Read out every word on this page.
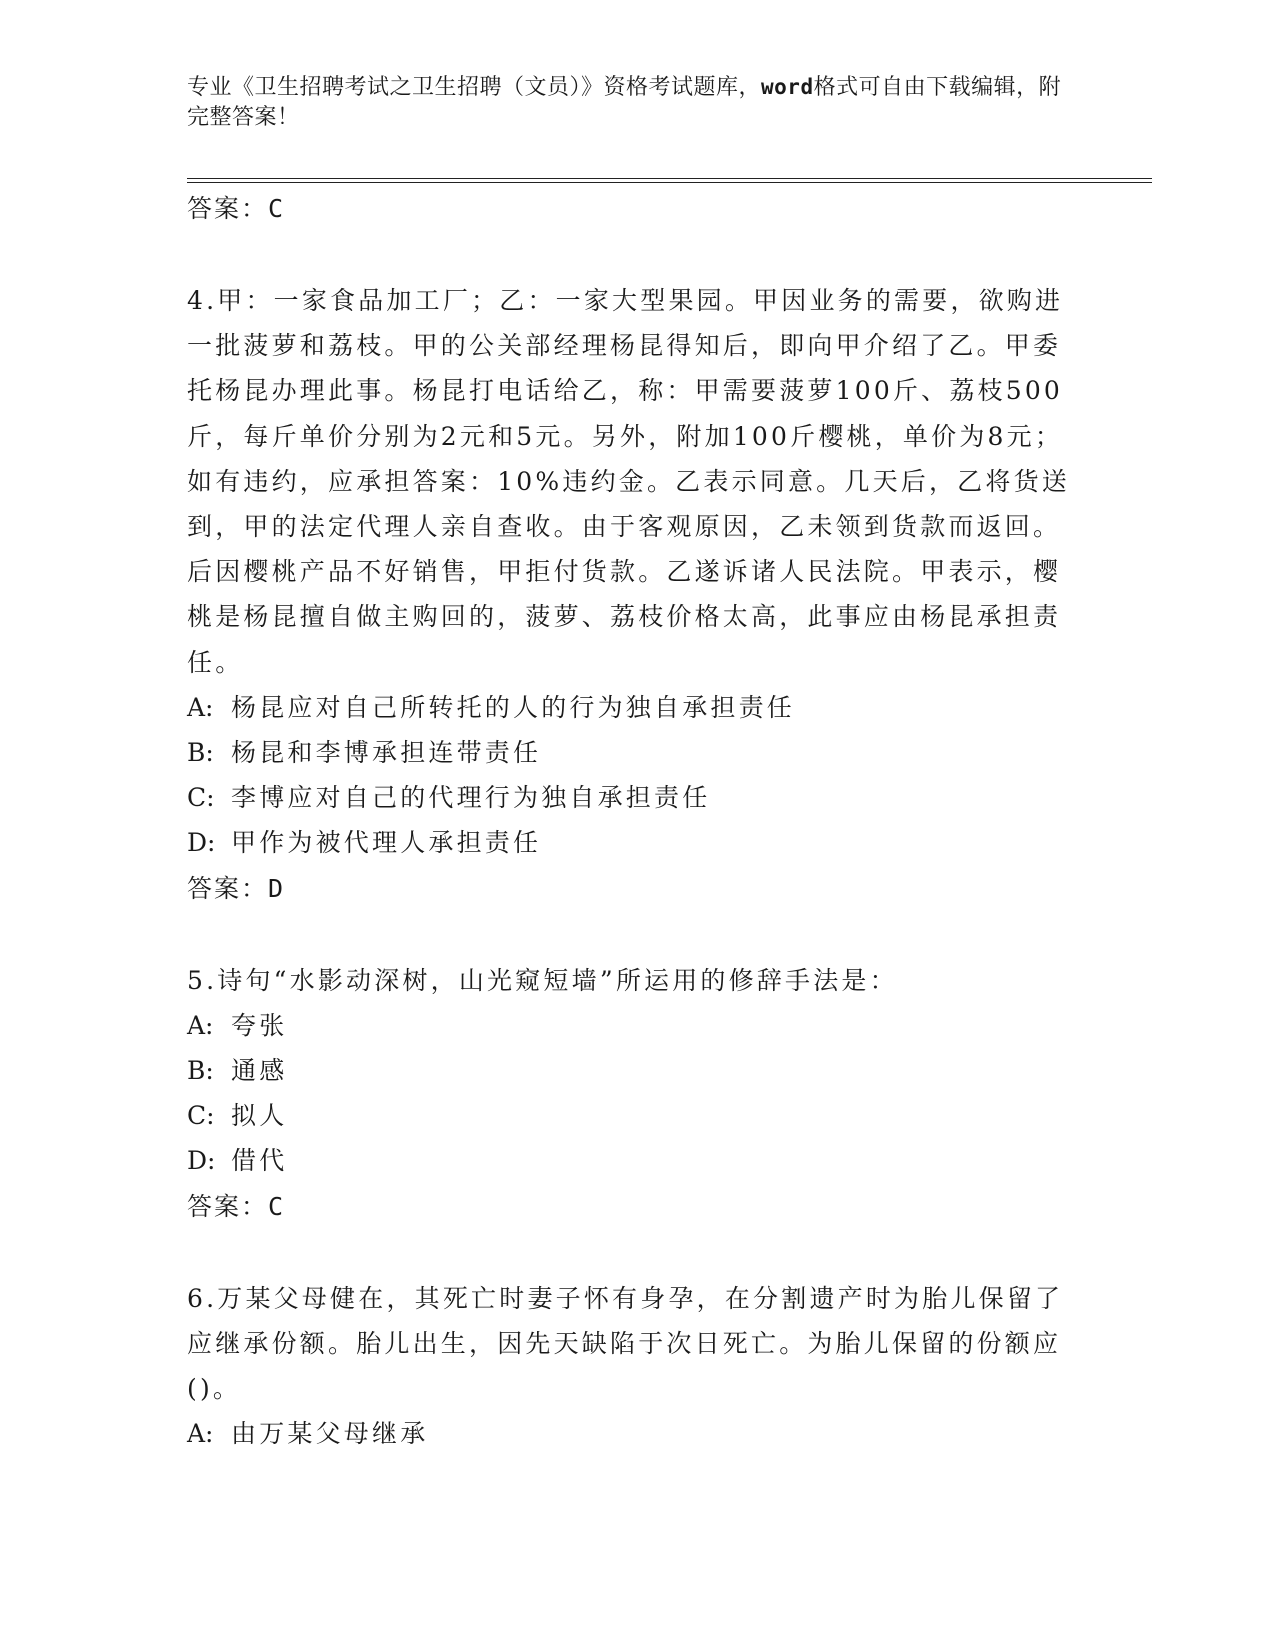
专业《卫生招聘考试之卫生招聘（文员）》资格考试题库，word格式可自由下载编辑，附完整答案！
答案：C
4.甲：一家食品加工厂；乙：一家大型果园。甲因业务的需要，欲购进一批菠萝和荔枝。甲的公关部经理杨昆得知后，即向甲介绍了乙。甲委托杨昆办理此事。杨昆打电话给乙，称：甲需要菠萝100斤、荔枝500斤，每斤单价分别为2元和5元。另外，附加100斤樱桃，单价为8元；如有违约，应承担答案：10%违约金。乙表示同意。几天后，乙将货送到，甲的法定代理人亲自查收。由于客观原因，乙未领到货款而返回。后因樱桃产品不好销售，甲拒付货款。乙遂诉诸人民法院。甲表示，樱桃是杨昆擅自做主购回的，菠萝、荔枝价格太高，此事应由杨昆承担责任。
A: 杨昆应对自己所转托的人的行为独自承担责任
B: 杨昆和李博承担连带责任
C: 李博应对自己的代理行为独自承担责任
D: 甲作为被代理人承担责任
答案：D
5.诗句“水影动深树，山光窥短墙”所运用的修辞手法是：
A: 夸张
B: 通感
C: 拟人
D: 借代
答案：C
6.万某父母健在，其死亡时妻子怀有身孕，在分割遗产时为胎儿保留了应继承份额。胎儿出生，因先天缺陷于次日死亡。为胎儿保留的份额应()。
A: 由万某父母继承
